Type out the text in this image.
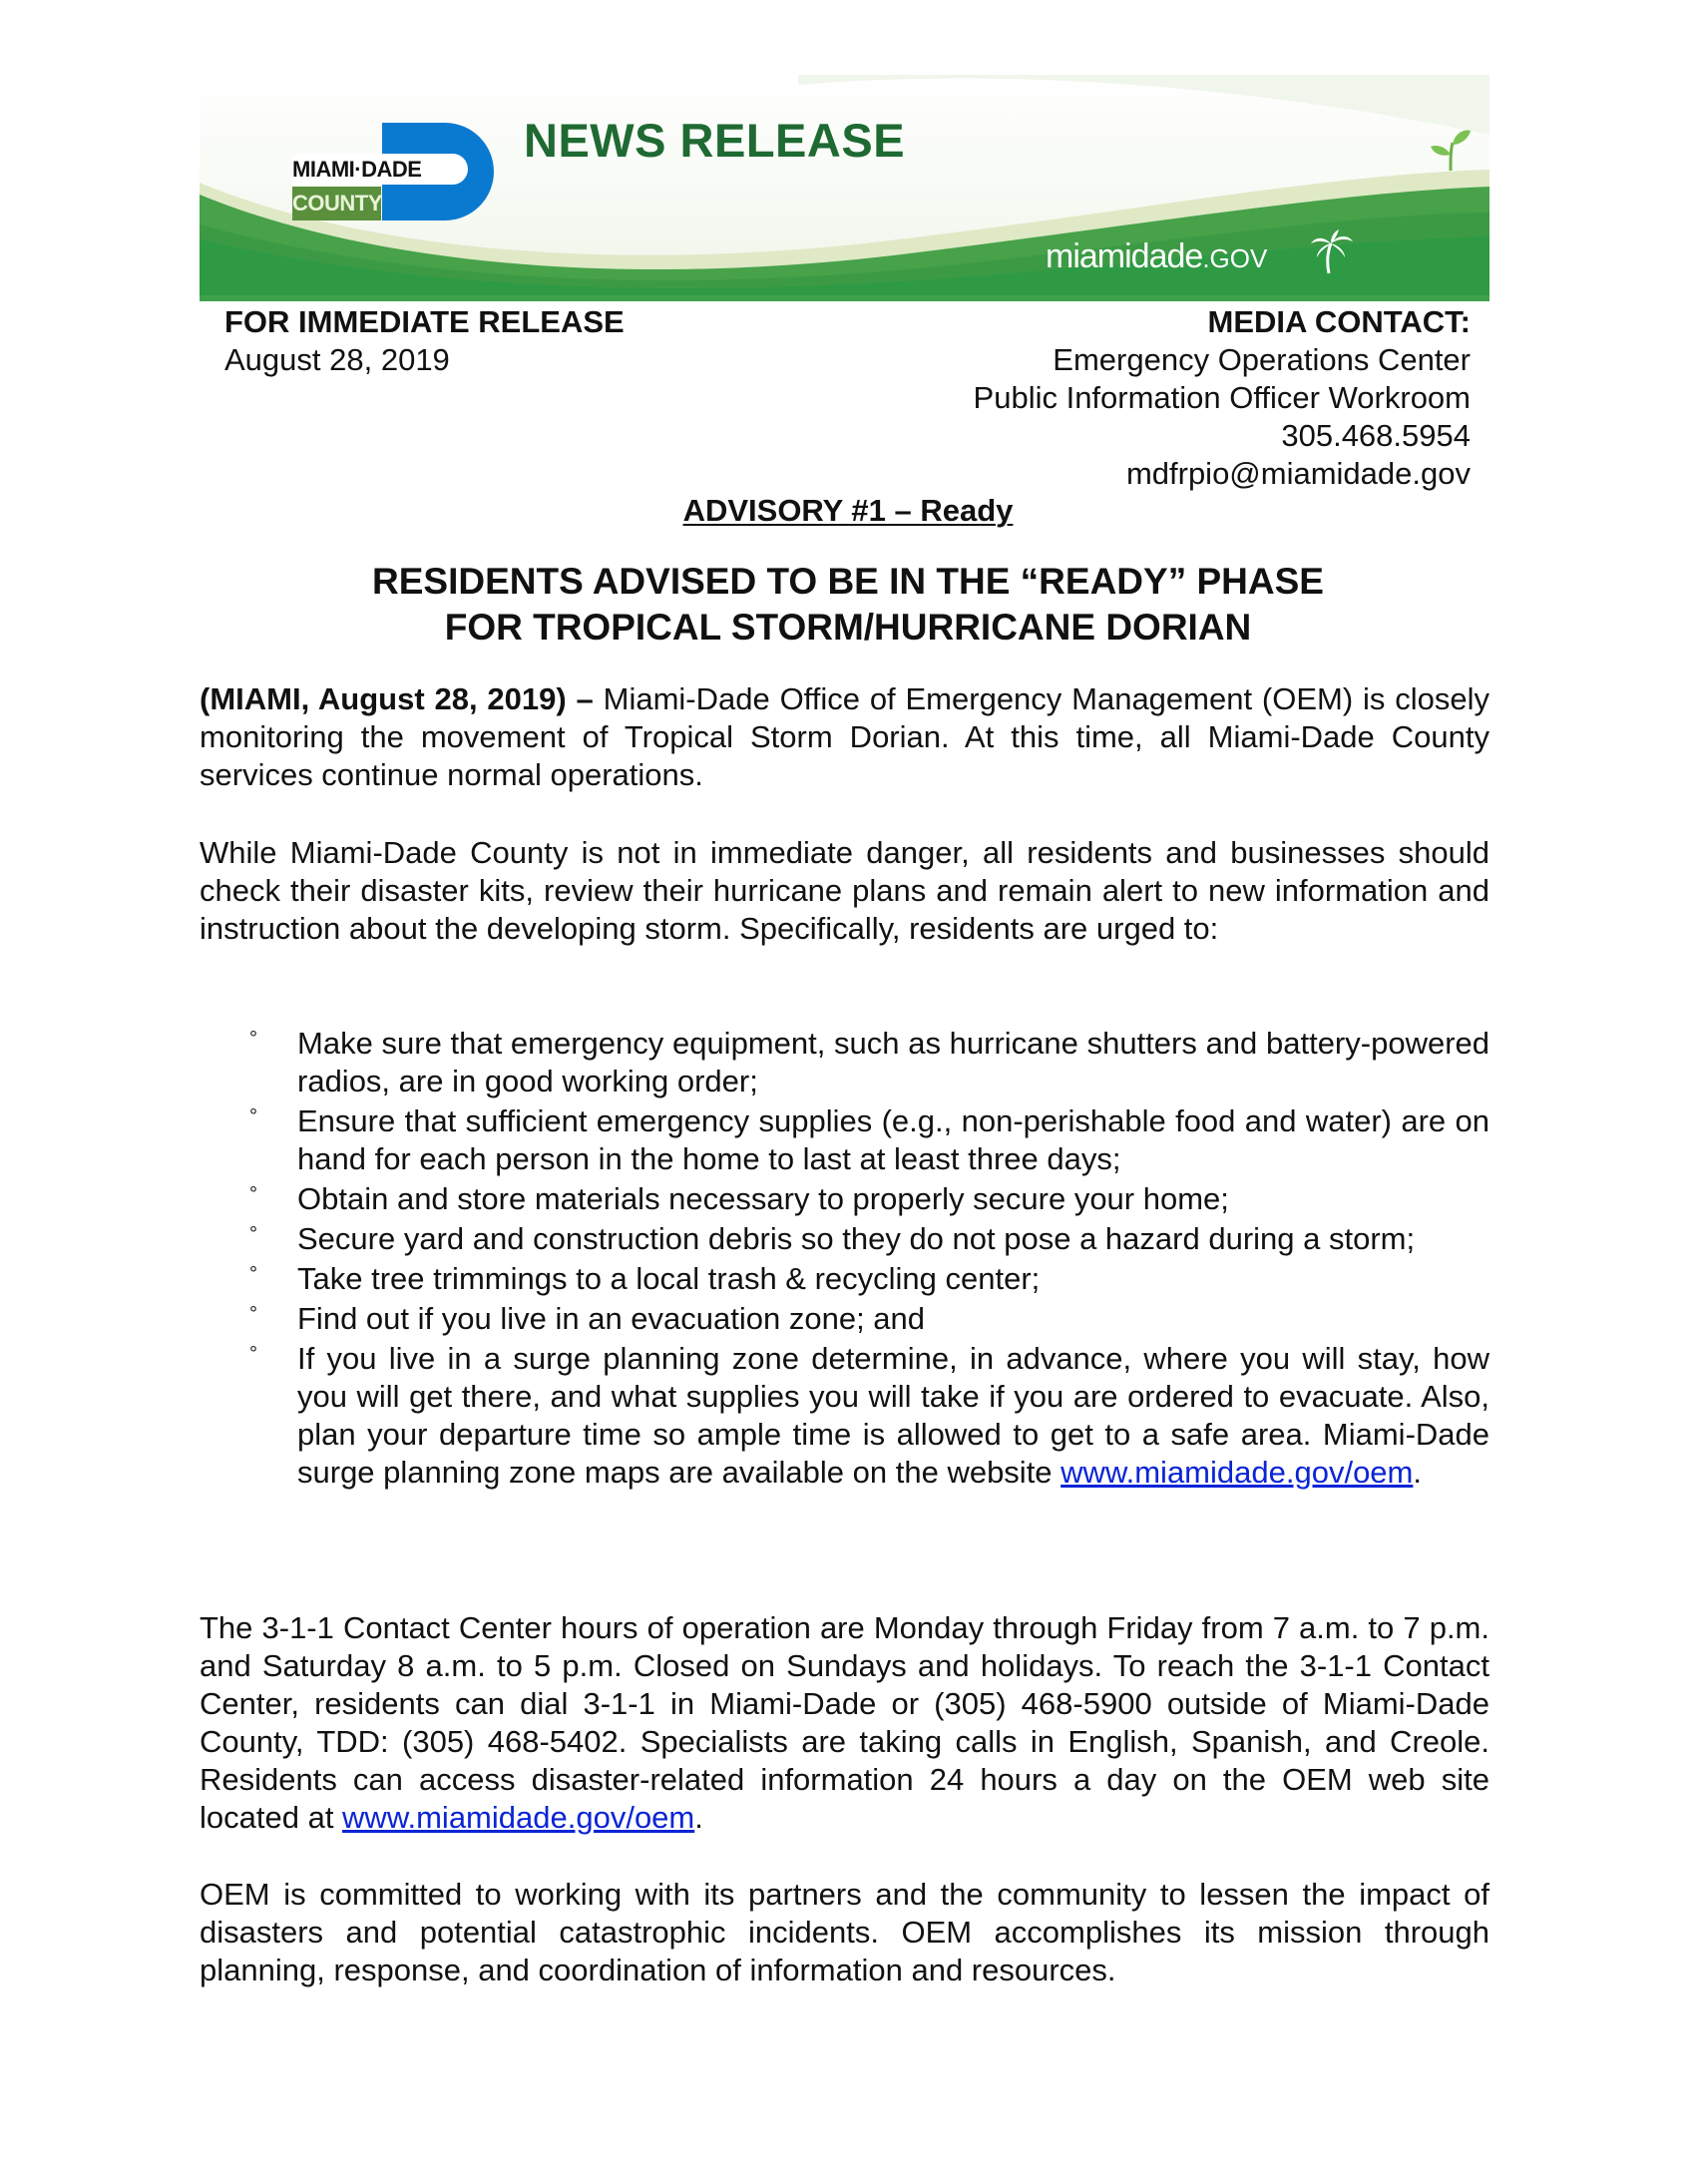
MIAMI·DADE
COUNTY
NEWS RELEASE
miamidade.GOV
FOR IMMEDIATE RELEASE
August 28, 2019
MEDIA CONTACT:
Emergency Operations Center
Public Information Officer Workroom
305.468.5954
mdfrpio@miamidade.gov
ADVISORY #1 – Ready
RESIDENTS ADVISED TO BE IN THE “READY” PHASE
FOR TROPICAL STORM/HURRICANE DORIAN
(MIAMI, August 28, 2019) – Miami-Dade Office of Emergency Management (OEM) is closely monitoring the movement of Tropical Storm Dorian. At this time, all Miami-Dade County services continue normal operations.
While Miami-Dade County is not in immediate danger, all residents and businesses should check their disaster kits, review their hurricane plans and remain alert to new information and instruction about the developing storm. Specifically, residents are urged to:
° Make sure that emergency equipment, such as hurricane shutters and battery-powered radios, are in good working order;
° Ensure that sufficient emergency supplies (e.g., non-perishable food and water) are on hand for each person in the home to last at least three days;
° Obtain and store materials necessary to properly secure your home;
° Secure yard and construction debris so they do not pose a hazard during a storm;
° Take tree trimmings to a local trash & recycling center;
° Find out if you live in an evacuation zone; and
° If you live in a surge planning zone determine, in advance, where you will stay, how you will get there, and what supplies you will take if you are ordered to evacuate. Also, plan your departure time so ample time is allowed to get to a safe area. Miami-Dade surge planning zone maps are available on the website www.miamidade.gov/oem.
The 3-1-1 Contact Center hours of operation are Monday through Friday from 7 a.m. to 7 p.m. and Saturday 8 a.m. to 5 p.m. Closed on Sundays and holidays. To reach the 3-1-1 Contact Center, residents can dial 3-1-1 in Miami-Dade or (305) 468-5900 outside of Miami-Dade County, TDD: (305) 468-5402. Specialists are taking calls in English, Spanish, and Creole. Residents can access disaster-related information 24 hours a day on the OEM web site located at www.miamidade.gov/oem.
OEM is committed to working with its partners and the community to lessen the impact of disasters and potential catastrophic incidents. OEM accomplishes its mission through planning, response, and coordination of information and resources.
